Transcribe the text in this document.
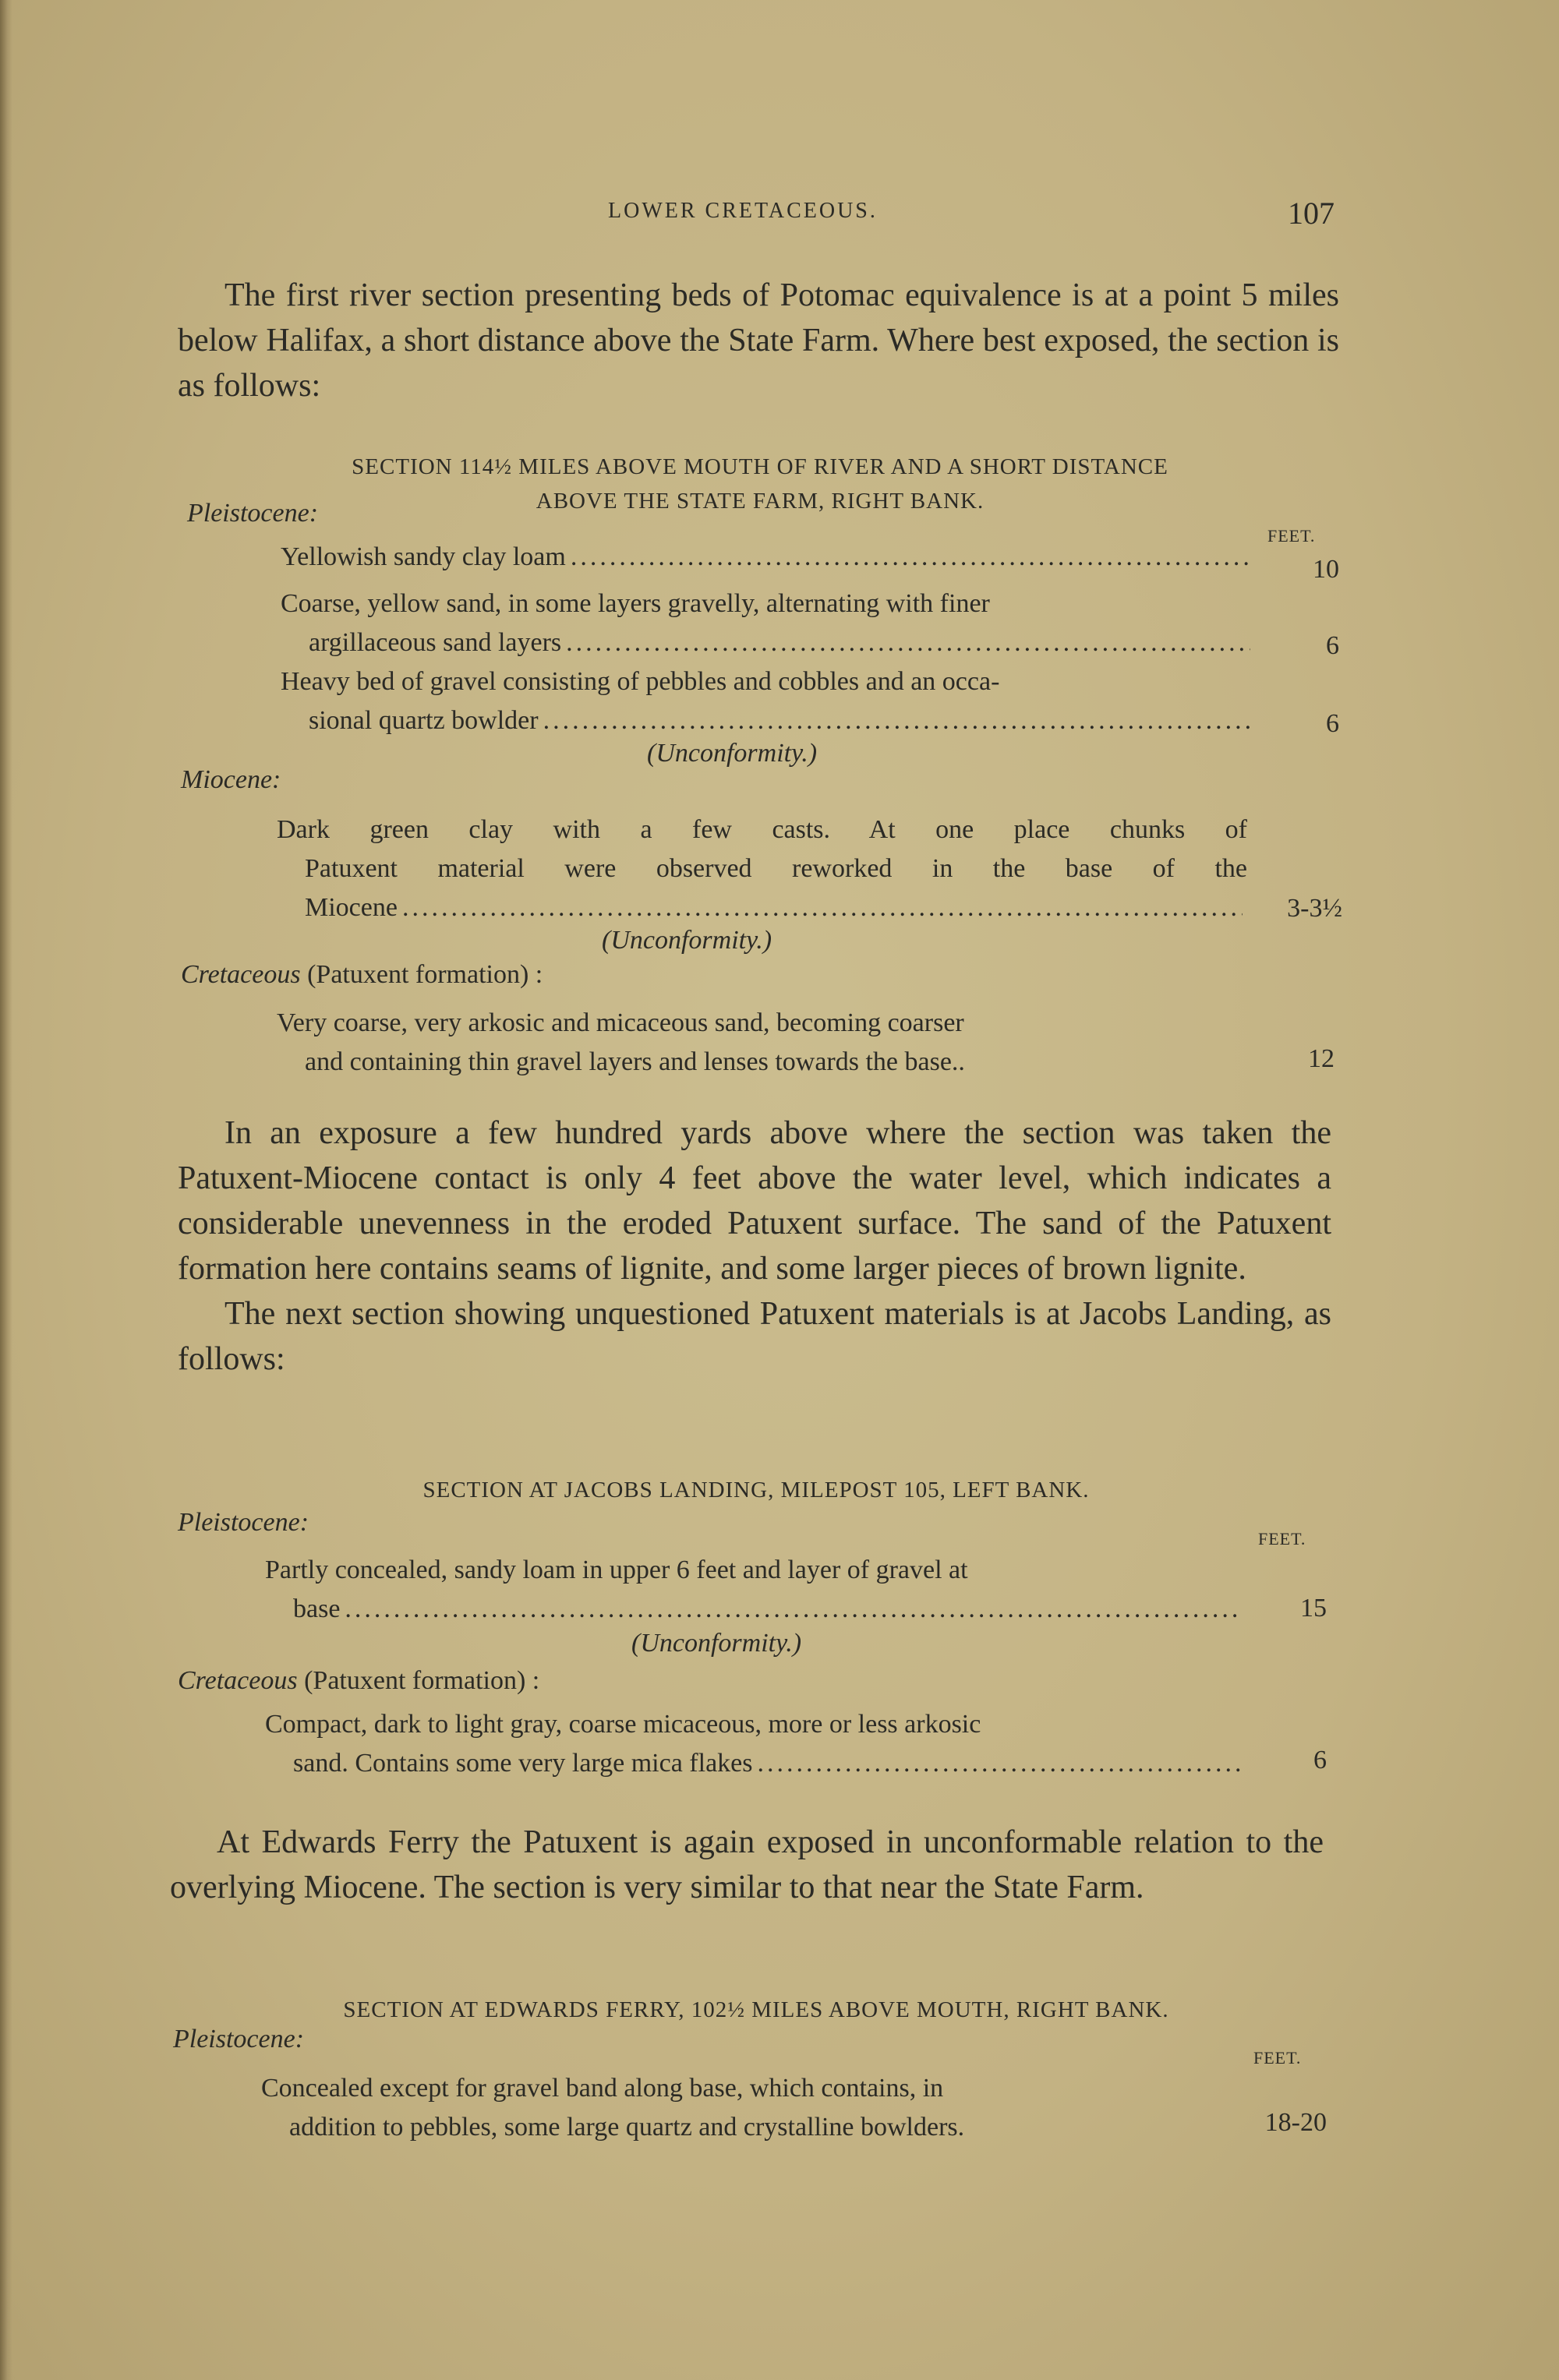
LOWER CRETACEOUS.	107

The first river section presenting beds of Potomac equivalence is at a point 5 miles below Halifax, a short distance above the State Farm. Where best exposed, the section is as follows:

SECTION 114½ MILES ABOVE MOUTH OF RIVER AND A SHORT DISTANCE
ABOVE THE STATE FARM, RIGHT BANK.
Pleistocene:
FEET.
Yellowish sandy clay loam .....	10
Coarse, yellow sand, in some layers gravelly, alternating with finer
argillaceous sand layers .....	6
Heavy bed of gravel consisting of pebbles and cobbles and an occa-
sional quartz bowlder .....	6
(Unconformity.)
Miocene:
Dark green clay with a few casts. At one place chunks of
Patuxent material were observed reworked in the base of the
Miocene .....	3-3½
(Unconformity.)
Cretaceous (Patuxent formation) :
Very coarse, very arkosic and micaceous sand, becoming coarser
and containing thin gravel layers and lenses towards the base..	12

In an exposure a few hundred yards above where the section was taken the Patuxent-Miocene contact is only 4 feet above the water level, which indicates a considerable unevenness in the eroded Patuxent surface. The sand of the Patuxent formation here contains seams of lignite, and some larger pieces of brown lignite.

The next section showing unquestioned Patuxent materials is at Jacobs Landing, as follows:

SECTION AT JACOBS LANDING, MILEPOST 105, LEFT BANK.
Pleistocene:
FEET.
Partly concealed, sandy loam in upper 6 feet and layer of gravel at
base .....	15
(Unconformity.)
Cretaceous (Patuxent formation) :
Compact, dark to light gray, coarse micaceous, more or less arkosic
sand. Contains some very large mica flakes .....	6

At Edwards Ferry the Patuxent is again exposed in unconformable relation to the overlying Miocene. The section is very similar to that near the State Farm.

SECTION AT EDWARDS FERRY, 102½ MILES ABOVE MOUTH, RIGHT BANK.
Pleistocene:
FEET.
Concealed except for gravel band along base, which contains, in
addition to pebbles, some large quartz and crystalline bowlders.	18-20
